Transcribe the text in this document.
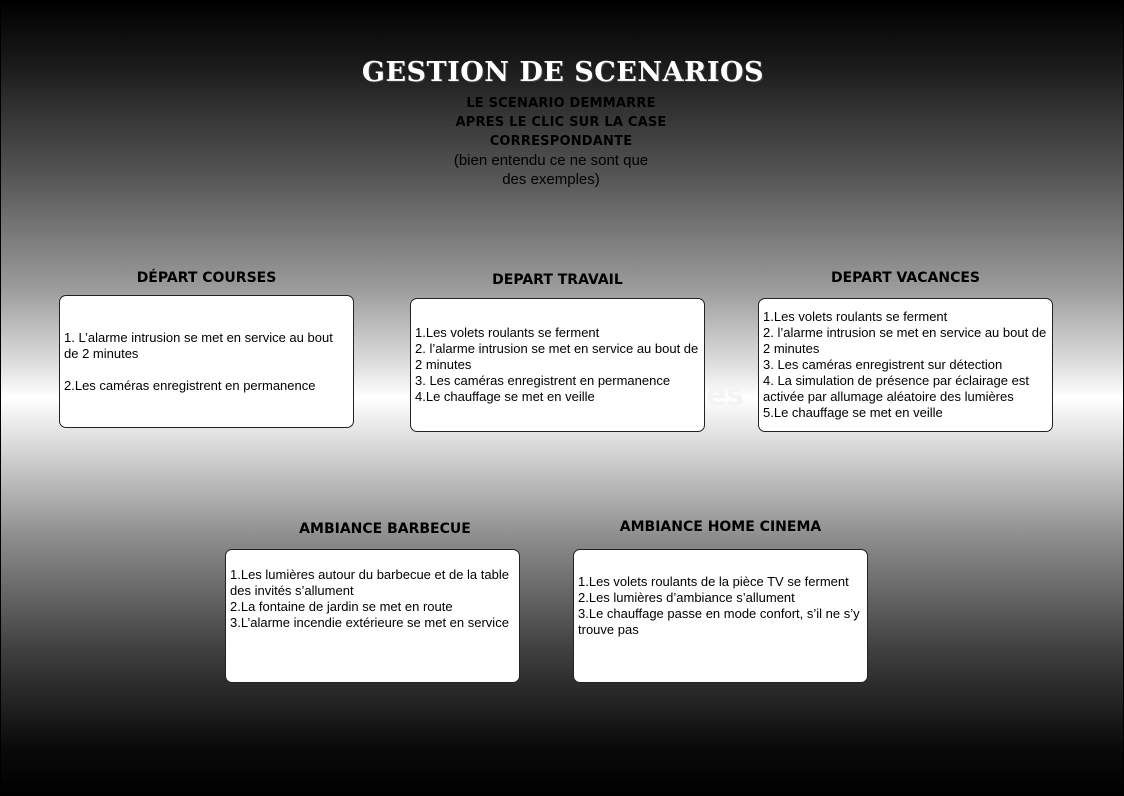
GESTION DE SCENARIOS
LE SCENARIO DEMMARRE
APRES LE CLIC SUR LA CASE
CORRESPONDANTE
(bien entendu ce ne sont que
des exemples)
es
DÉPART COURSES
1. L’alarme intrusion se met en service au bout de 2 minutes
2.Les caméras enregistrent en permanence
DEPART TRAVAIL
1.Les volets roulants se ferment
2. l’alarme intrusion se met en service au bout de 2 minutes
3. Les caméras enregistrent en permanence
4.Le chauffage se met en veille
DEPART VACANCES
1.Les volets roulants se ferment
2. l’alarme intrusion se met en service au bout de 2 minutes
3. Les caméras enregistrent sur détection
4. La simulation de présence par éclairage est activée par allumage aléatoire des lumières
5.Le chauffage se met en veille
AMBIANCE BARBECUE
1.Les lumières autour du barbecue et de la table des invités s’allument
2.La fontaine de jardin se met en route
3.L’alarme incendie extérieure se met en service
AMBIANCE HOME CINEMA
1.Les volets roulants de la pièce TV se ferment
2.Les lumières d’ambiance s’allument
3.Le chauffage passe en mode confort, s’il ne s’y trouve pas
